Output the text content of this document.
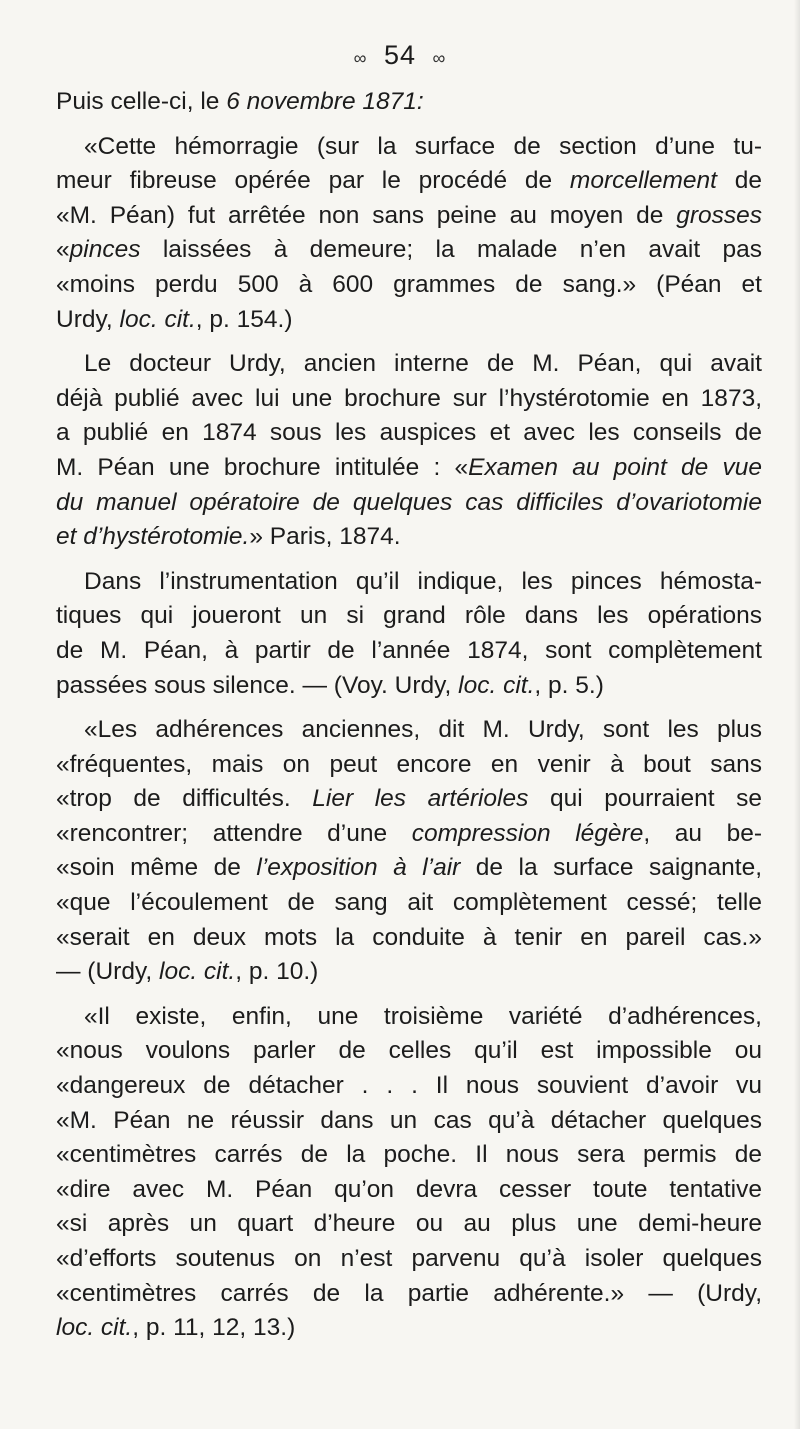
∞ 54 ∞
Puis celle-ci, le 6 novembre 1871:
«Cette hémorragie (sur la surface de section d’une tu-
meur fibreuse opérée par le procédé de morcellement de
«M. Péan) fut arrêtée non sans peine au moyen de grosses
«pinces laissées à demeure; la malade n’en avait pas
«moins perdu 500 à 600 grammes de sang.» (Péan et
Urdy, loc. cit., p. 154.)
Le docteur Urdy, ancien interne de M. Péan, qui avait
déjà publié avec lui une brochure sur l’hystérotomie en 1873,
a publié en 1874 sous les auspices et avec les conseils de
M. Péan une brochure intitulée : «Examen au point de vue
du manuel opératoire de quelques cas difficiles d’ovariotomie
et d’hystérotomie.» Paris, 1874.
Dans l’instrumentation qu’il indique, les pinces hémosta-
tiques qui joueront un si grand rôle dans les opérations
de M. Péan, à partir de l’année 1874, sont complètement
passées sous silence. — (Voy. Urdy, loc. cit., p. 5.)
«Les adhérences anciennes, dit M. Urdy, sont les plus
«fréquentes, mais on peut encore en venir à bout sans
«trop de difficultés. Lier les artérioles qui pourraient se
«rencontrer; attendre d’une compression légère, au be-
«soin même de l’exposition à l’air de la surface saignante,
«que l’écoulement de sang ait complètement cessé; telle
«serait en deux mots la conduite à tenir en pareil cas.»
— (Urdy, loc. cit., p. 10.)
«Il existe, enfin, une troisième variété d’adhérences,
«nous voulons parler de celles qu’il est impossible ou
«dangereux de détacher . . . Il nous souvient d’avoir vu
«M. Péan ne réussir dans un cas qu’à détacher quelques
«centimètres carrés de la poche. Il nous sera permis de
«dire avec M. Péan qu’on devra cesser toute tentative
«si après un quart d’heure ou au plus une demi-heure
«d’efforts soutenus on n’est parvenu qu’à isoler quelques
«centimètres carrés de la partie adhérente.» — (Urdy,
loc. cit., p. 11, 12, 13.)
